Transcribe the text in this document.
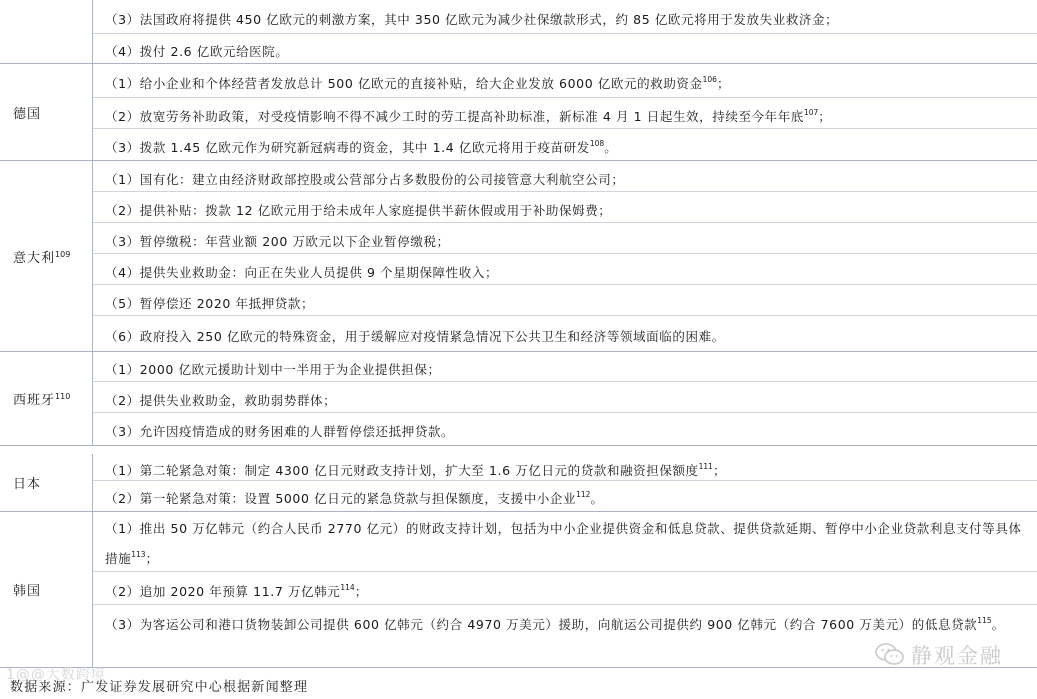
（3）法国政府将提供 450 亿欧元的刺激方案，其中 350 亿欧元为减少社保缴款形式，约 85 亿欧元将用于发放失业救济金；
（4）拨付 2.6 亿欧元给医院。
德国
（1）给小企业和个体经营者发放总计 500 亿欧元的直接补贴，给大企业发放 6000 亿欧元的救助资金$^{106}$；
（2）放宽劳务补助政策，对受疫情影响不得不减少工时的劳工提高补助标准，新标准 4 月 1 日起生效，持续至今年年底$^{107}$；
（3）拨款 1.45 亿欧元作为研究新冠病毒的资金，其中 1.4 亿欧元将用于疫苗研发$^{108}$。
意大利$^{109}$
（1）国有化：建立由经济财政部控股或公营部分占多数股份的公司接管意大利航空公司；
（2）提供补贴：拨款 12 亿欧元用于给未成年人家庭提供半薪休假或用于补助保姆费；
（3）暂停缴税：年营业额 200 万欧元以下企业暂停缴税；
（4）提供失业救助金：向正在失业人员提供 9 个星期保障性收入；
（5）暂停偿还 2020 年抵押贷款；
（6）政府投入 250 亿欧元的特殊资金，用于缓解应对疫情紧急情况下公共卫生和经济等领域面临的困难。
西班牙$^{110}$
（1）2000 亿欧元援助计划中一半用于为企业提供担保；
（2）提供失业救助金，救助弱势群体；
（3）允许因疫情造成的财务困难的人群暂停偿还抵押贷款。
日本
（1）第二轮紧急对策：制定 4300 亿日元财政支持计划，扩大至 1.6 万亿日元的贷款和融资担保额度$^{111}$；
（2）第一轮紧急对策：设置 5000 亿日元的紧急贷款与担保额度，支援中小企业$^{112}$。
韩国
（1）推出 50 万亿韩元（约合人民币 2770 亿元）的财政支持计划，包括为中小企业提供资金和低息贷款、提供贷款延期、暂停中小企业贷款利息支付等具体措施$^{113}$；
（2）追加 2020 年预算 11.7 万亿韩元$^{114}$；
（3）为客运公司和港口货物装卸公司提供 600 亿韩元（约合 4970 万美元）援助，向航运公司提供约 900 亿韩元（约合 7600 万美元）的低息贷款$^{115}$。
1@@大数跨境
数据来源：广发证券发展研究中心根据新闻整理
静观金融
